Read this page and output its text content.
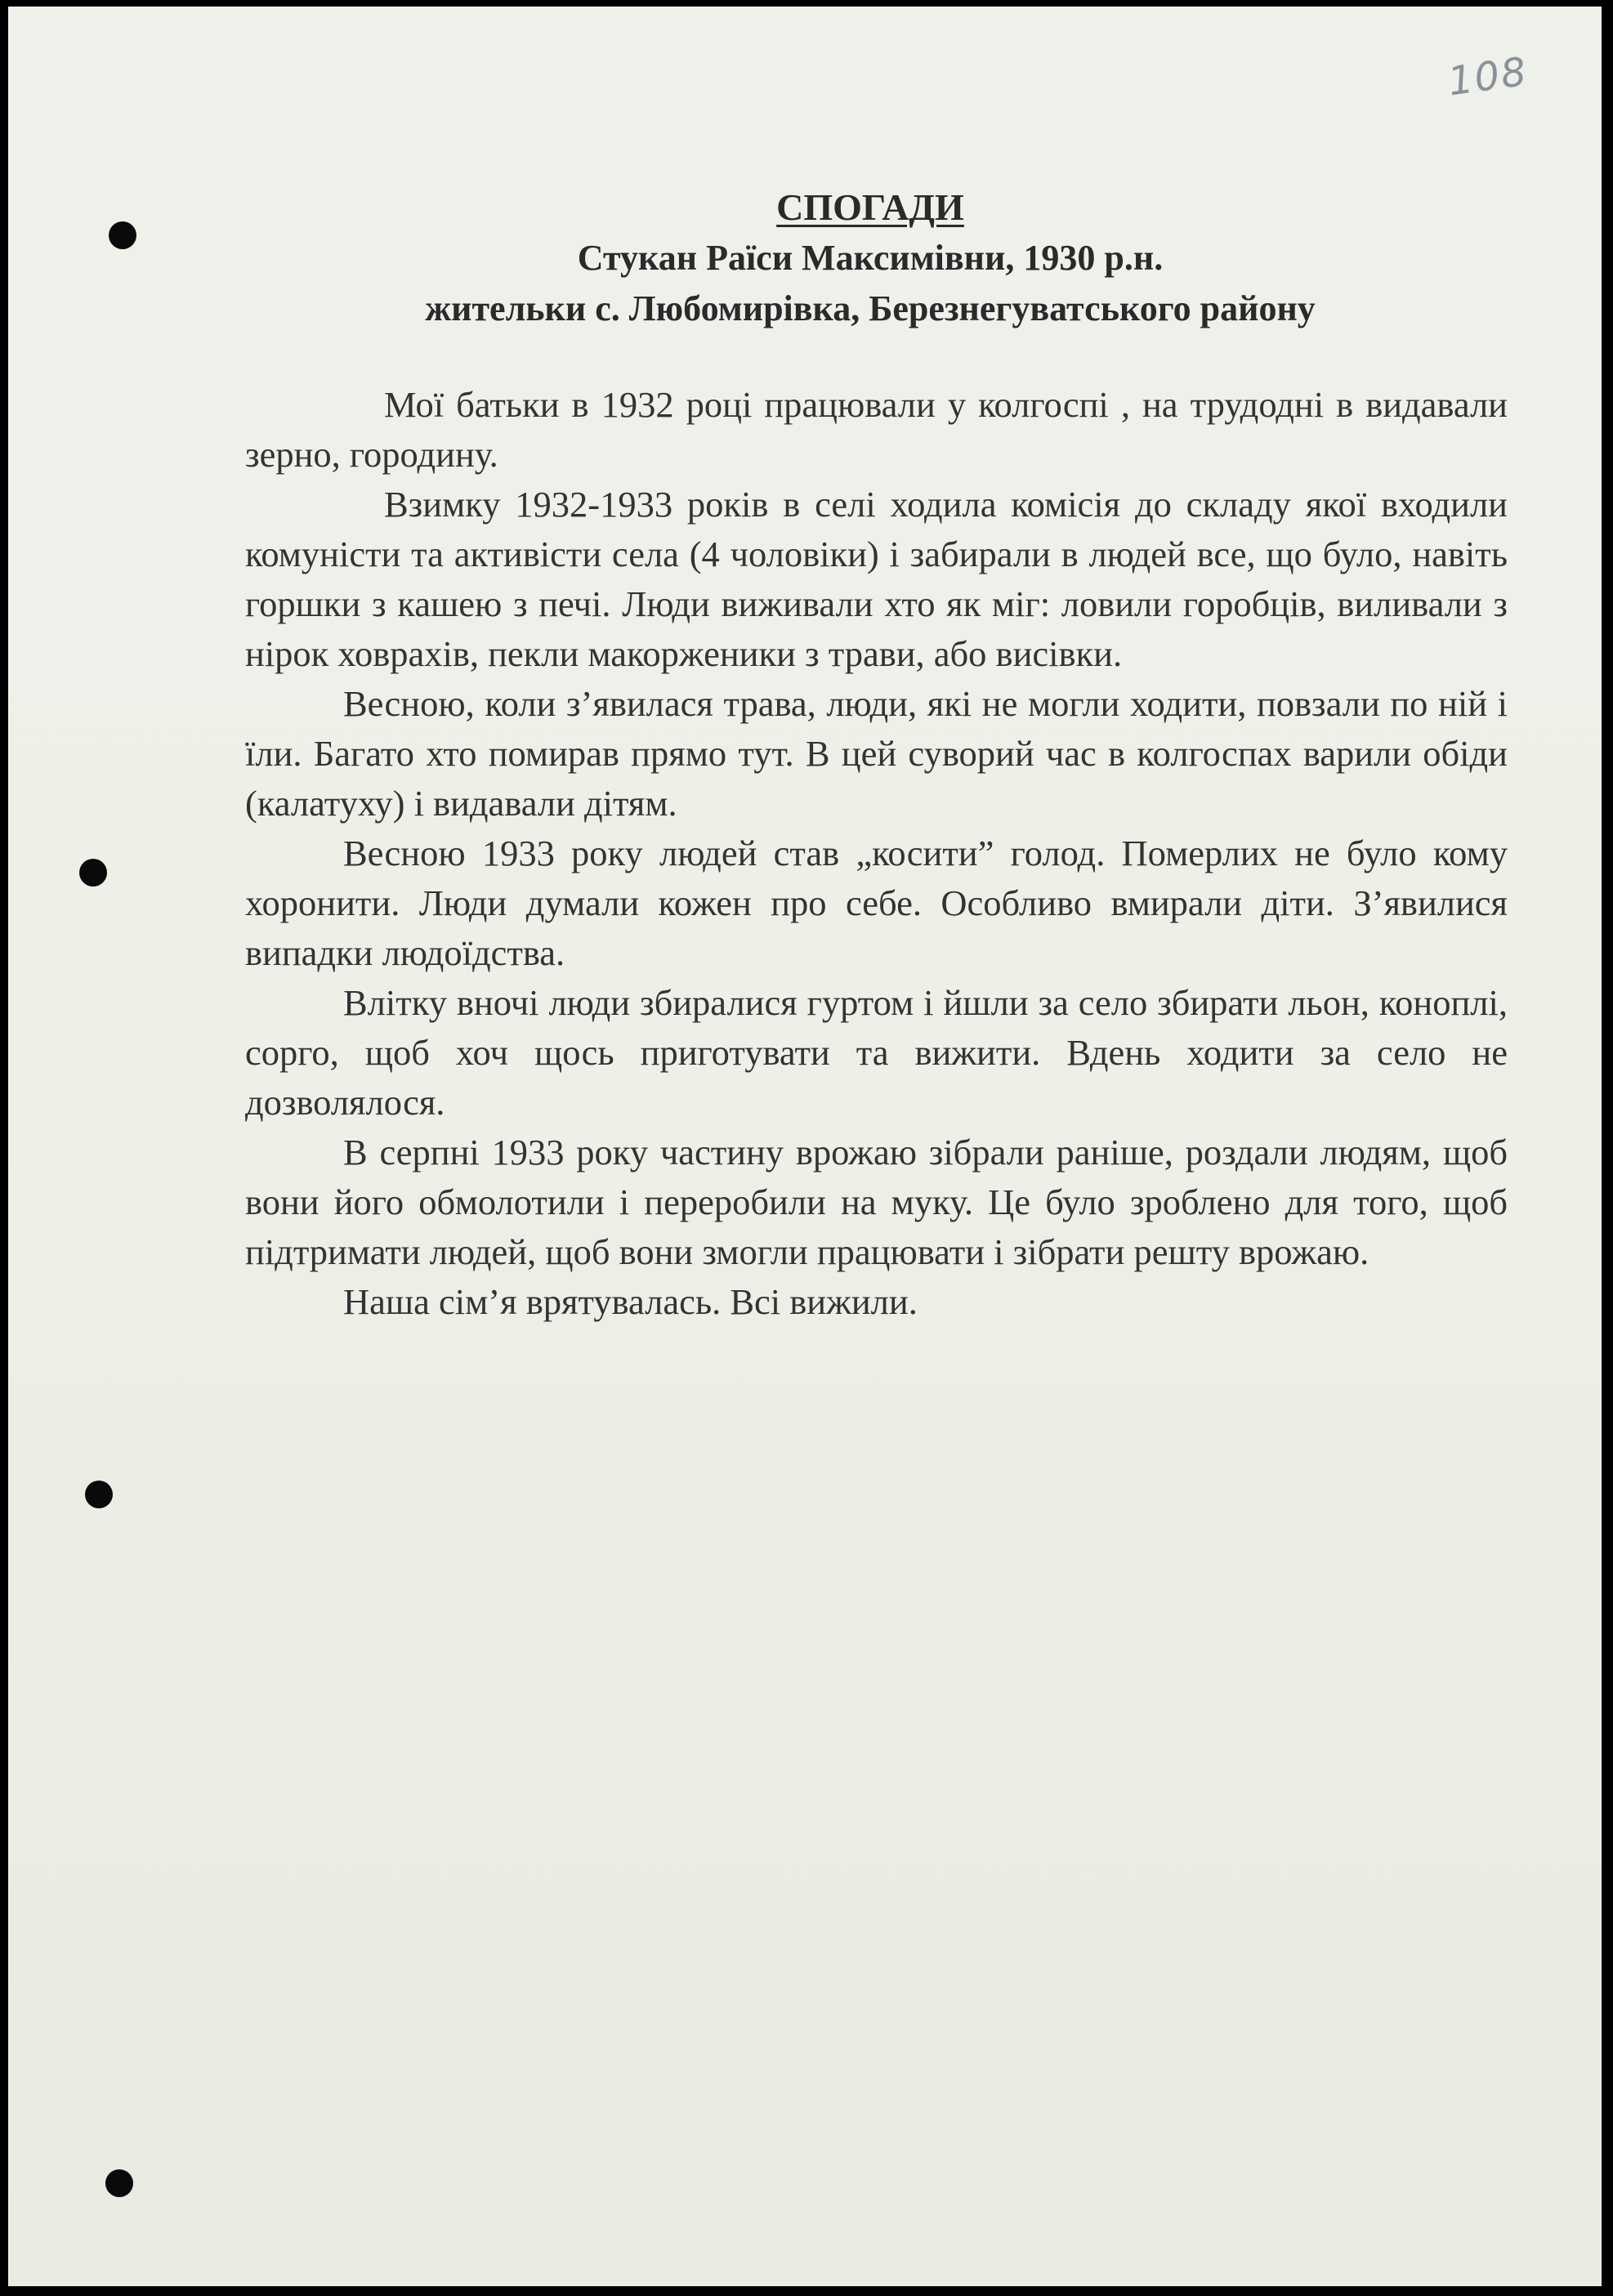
108
СПОГАДИ
Стукан Раїси Максимівни, 1930 р.н.
жительки с. Любомирівка, Березнегуватського району

Мої батьки в 1932 році працювали у колгоспі , на трудодні в видавали зерно, городину.

Взимку 1932-1933 років в селі ходила комісія до складу якої входили комуністи та активісти села (4 чоловіки) і забирали в людей все, що було, навіть горшки з кашею з печі. Люди виживали хто як міг: ловили горобців, виливали з нірок ховрахів, пекли макорженики з трави, або висівки.

Весною, коли з’явилася трава, люди, які не могли ходити, повзали по ній і їли. Багато хто помирав прямо тут. В цей суворий час в колгоспах варили обіди (калатуху) і видавали дітям.

Весною 1933 року людей став „косити” голод. Померлих не було кому хоронити. Люди думали кожен про себе. Особливо вмирали діти. З’явилися випадки людоїдства.

Влітку вночі люди збиралися гуртом і йшли за село збирати льон, коноплі, сорго, щоб хоч щось приготувати та вижити. Вдень ходити за село не дозволялося.

В серпні 1933 року частину врожаю зібрали раніше, роздали людям, щоб вони його обмолотили і переробили на муку. Це було зроблено для того, щоб підтримати людей, щоб вони змогли працювати і зібрати решту врожаю.

Наша сім’я врятувалась. Всі вижили.
